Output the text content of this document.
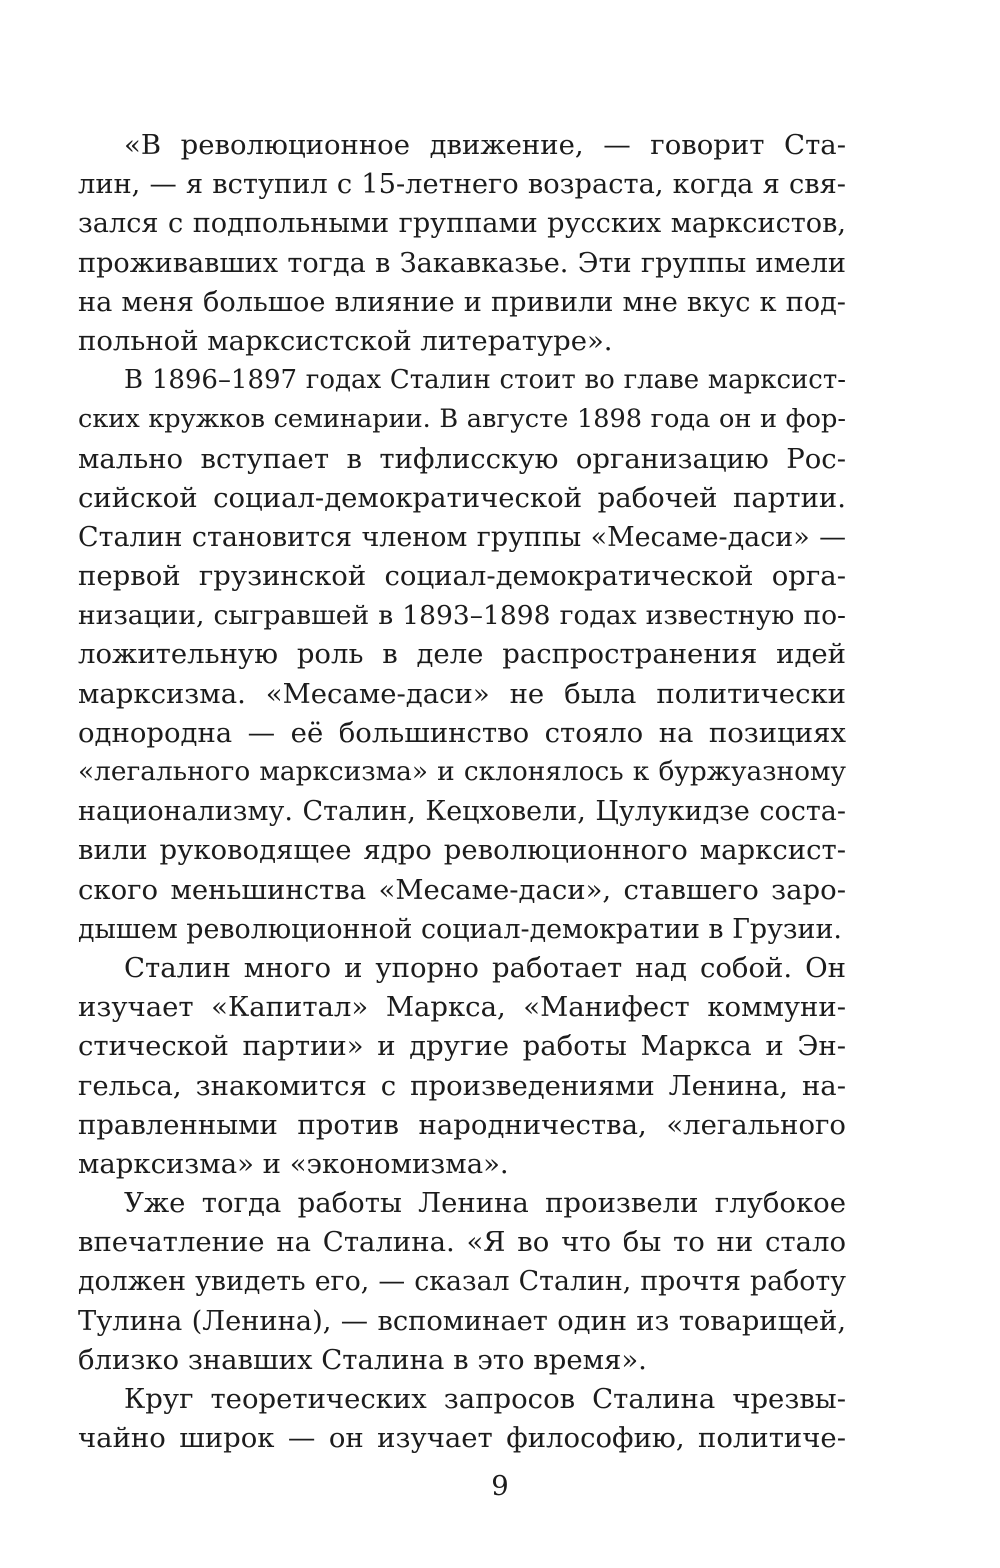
«В революционное движение, — говорит Ста-
лин, — я вступил с 15-летнего возраста, когда я свя-
зался с подпольными группами русских марксистов,
проживавших тогда в Закавказье. Эти группы имели
на меня большое влияние и привили мне вкус к под-
польной марксистской литературе».
В 1896–1897 годах Сталин стоит во главе марксист-
ских кружков семинарии. В августе 1898 года он и фор-
мально вступает в тифлисскую организацию Рос-
сийской социал-демократической рабочей партии.
Сталин становится членом группы «Месаме-даси» —
первой грузинской социал-демократической орга-
низации, сыгравшей в 1893–1898 годах известную по-
ложительную роль в деле распространения идей
марксизма. «Месаме-даси» не была политически
однородна — её большинство стояло на позициях
«легального марксизма» и склонялось к буржуазному
национализму. Сталин, Кецховели, Цулукидзе соста-
вили руководящее ядро революционного марксист-
ского меньшинства «Месаме-даси», ставшего заро-
дышем революционной социал-демократии в Грузии.
Сталин много и упорно работает над собой. Он
изучает «Капитал» Маркса, «Манифест коммуни-
стической партии» и другие работы Маркса и Эн-
гельса, знакомится с произведениями Ленина, на-
правленными против народничества, «легального
марксизма» и «экономизма».
Уже тогда работы Ленина произвели глубокое
впечатление на Сталина. «Я во что бы то ни стало
должен увидеть его, — сказал Сталин, прочтя работу
Тулина (Ленина), — вспоминает один из товарищей,
близко знавших Сталина в это время».
Круг теоретических запросов Сталина чрезвы-
чайно широк — он изучает философию, политиче-
9
